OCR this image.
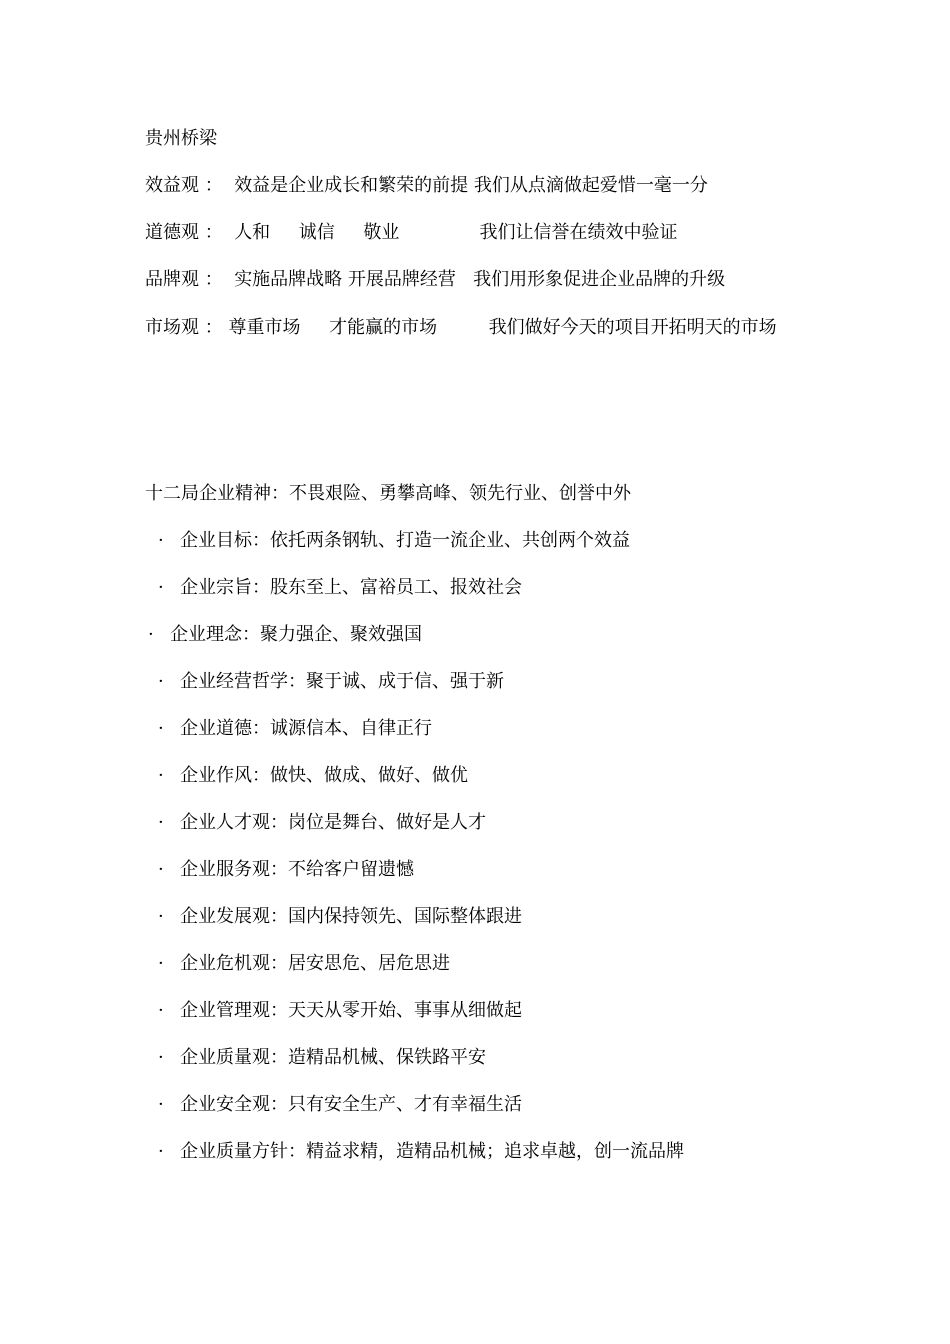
贵州桥梁
效益观 ： 效益是企业成长和繁荣的前提 我们从点滴做起爱惜一毫一分
道德观 ： 人和     诚信     敬业              我们让信誉在绩效中验证
品牌观 ： 实施品牌战略 开展品牌经营   我们用形象促进企业品牌的升级
市场观 ： 尊重市场     才能赢的市场         我们做好今天的项目开拓明天的市场
十二局企业精神：不畏艰险、勇攀高峰、领先行业、创誉中外
· 企业目标：依托两条钢轨、打造一流企业、共创两个效益
· 企业宗旨：股东至上、富裕员工、报效社会
· 企业理念：聚力强企、聚效强国
· 企业经营哲学：聚于诚、成于信、强于新
· 企业道德：诚源信本、自律正行
· 企业作风：做快、做成、做好、做优
· 企业人才观：岗位是舞台、做好是人才
· 企业服务观：不给客户留遗憾
· 企业发展观：国内保持领先、国际整体跟进
· 企业危机观：居安思危、居危思进
· 企业管理观：天天从零开始、事事从细做起
· 企业质量观：造精品机械、保铁路平安
· 企业安全观：只有安全生产、才有幸福生活
· 企业质量方针：精益求精，造精品机械；追求卓越，创一流品牌
